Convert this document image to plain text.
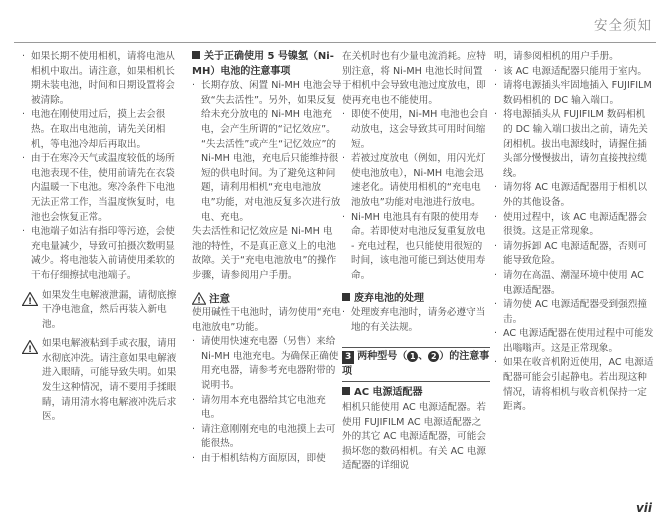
安全须知
· 如果长期不使用相机，请将电池从相机中取出。请注意，如果相机长期未装电池，时间和日期设置将会被清除。
· 电池在刚使用过后，摸上去会很热。在取出电池前，请先关闭相机，等电池冷却后再取出。
· 由于在寒冷天气或温度较低的场所电池表现不佳，使用前请先在衣袋内温暖一下电池。寒冷条件下电池无法正常工作，当温度恢复时，电池也会恢复正常。
· 电池端子如沾有指印等污迹，会使充电量减少，导致可拍摄次数明显减少。将电池装入前请使用柔软的干布仔细擦拭电池端子。
!
如果发生电解液泄漏，请彻底擦干净电池盒，然后再装入新电池。
!
如果电解液粘到手或衣服，请用水彻底冲洗。请注意如果电解液进入眼睛，可能导致失明。如果发生这种情况，请不要用手揉眼睛，请用清水将电解液冲洗后求医。
关于正确使用 5 号镍氢（Ni-MH）电池的注意事项
· 长期存放、闲置 Ni-MH 电池会导致“失去活性”。另外，如果反复给未充分放电的 Ni-MH 电池充电，会产生所谓的“记忆效应”。

“失去活性”或产生“记忆效应”的 Ni-MH 电池，充电后只能维持很短的供电时间。为了避免这种问题，请利用相机“充电电池放电”功能，对电池反复多次进行放电、充电。

失去活性和记忆效应是 Ni-MH 电池的特性，不是真正意义上的电池故障。关于“充电电池放电”的操作步骤，请参阅用户手册。

! 注意

使用碱性干电池时，请勿使用“充电电池放电”功能。

· 请使用快速充电器（另售）来给 Ni-MH 电池充电。为确保正确使用充电器，请参考充电器附带的说明书。
· 请勿用本充电器给其它电池充电。
· 请注意刚刚充电的电池摸上去可能很热。
· 由于相机结构方面原因，即使

在关机时也有少量电流消耗。应特别注意，将 Ni-MH 电池长时间置于相机中会导致电池过度放电，即使再充电也不能使用。

· 即使不使用，Ni-MH 电池也会自动放电，这会导致其可用时间缩短。
· 若被过度放电（例如，用闪光灯使电池放电），Ni-MH 电池会迅速老化。请使用相机的“充电电池放电”功能对电池进行放电。
· Ni-MH 电池具有有限的使用寿命。若即使对电池反复重复放电 - 充电过程，也只能使用很短的时间，该电池可能已到达使用寿命。
废弃电池的处理
· 处理废弃电池时，请务必遵守当地的有关法规。
3 两种型号（ 1 、 2 ）的注意事项
AC 电源适配器

相机只能使用 AC 电源适配器。若使用 FUJIFILM AC 电源适配器之外的其它 AC 电源适配器，可能会损坏您的数码相机。有关 AC 电源适配器的详细说

明，请参阅相机的用户手册。

· 该 AC 电源适配器只能用于室内。
· 请将电源插头牢固地插入 FUJIFILM 数码相机的 DC 输入端口。
· 将电源插头从 FUJIFILM 数码相机的 DC 输入端口拔出之前，请先关闭相机。拔出电源线时，请握住插头部分慢慢拔出，请勿直接拽拉缆线。
· 请勿将 AC 电源适配器用于相机以外的其他设备。
· 使用过程中，该 AC 电源适配器会很烫。这是正常现象。
· 请勿拆卸 AC 电源适配器，否则可能导致危险。
· 请勿在高温、潮湿环境中使用 AC 电源适配器。
· 请勿使 AC 电源适配器受到强烈撞击。
· AC 电源适配器在使用过程中可能发出嗡嗡声。这是正常现象。
· 如果在收音机附近使用，AC 电源适配器可能会引起静电。若出现这种情况，请将相机与收音机保持一定距离。
vii
